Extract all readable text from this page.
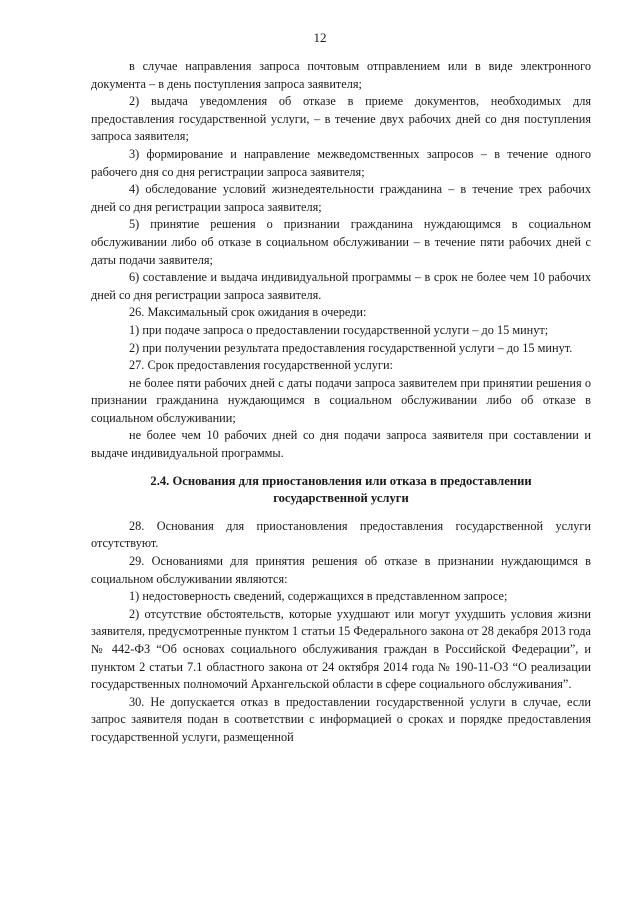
12

в случае направления запроса почтовым отправлением или в виде электронного документа – в день поступления запроса заявителя;

2) выдача уведомления об отказе в приеме документов, необходимых для предоставления государственной услуги, – в течение двух рабочих дней со дня поступления запроса заявителя;

3) формирование и направление межведомственных запросов – в течение одного рабочего дня со дня регистрации запроса заявителя;

4) обследование условий жизнедеятельности гражданина – в течение трех рабочих дней со дня регистрации запроса заявителя;

5) принятие решения о признании гражданина нуждающимся в социальном обслуживании либо об отказе в социальном обслуживании – в течение пяти рабочих дней с даты подачи заявителя;

6) составление и выдача индивидуальной программы – в срок не более чем 10 рабочих дней со дня регистрации запроса заявителя.

26. Максимальный срок ожидания в очереди:

1) при подаче запроса о предоставлении государственной услуги – до 15 минут;

2) при получении результата предоставления государственной услуги – до 15 минут.

27. Срок предоставления государственной услуги:

не более пяти рабочих дней с даты подачи запроса заявителем при принятии решения о признании гражданина нуждающимся в социальном обслуживании либо об отказе в социальном обслуживании;

не более чем 10 рабочих дней со дня подачи запроса заявителя при составлении и выдаче индивидуальной программы.

2.4. Основания для приостановления или отказа в предоставлении государственной услуги

28. Основания для приостановления предоставления государственной услуги отсутствуют.

29. Основаниями для принятия решения об отказе в признании нуждающимся в социальном обслуживании являются:

1) недостоверность сведений, содержащихся в представленном запросе;

2) отсутствие обстоятельств, которые ухудшают или могут ухудшить условия жизни заявителя, предусмотренные пунктом 1 статьи 15 Федерального закона от 28 декабря 2013 года № 442-ФЗ “Об основах социального обслуживания граждан в Российской Федерации”, и пунктом 2 статьи 7.1 областного закона от 24 октября 2014 года № 190-11-ОЗ “О реализации государственных полномочий Архангельской области в сфере социального обслуживания”.

30. Не допускается отказ в предоставлении государственной услуги в случае, если запрос заявителя подан в соответствии с информацией о сроках и порядке предоставления государственной услуги, размещенной
